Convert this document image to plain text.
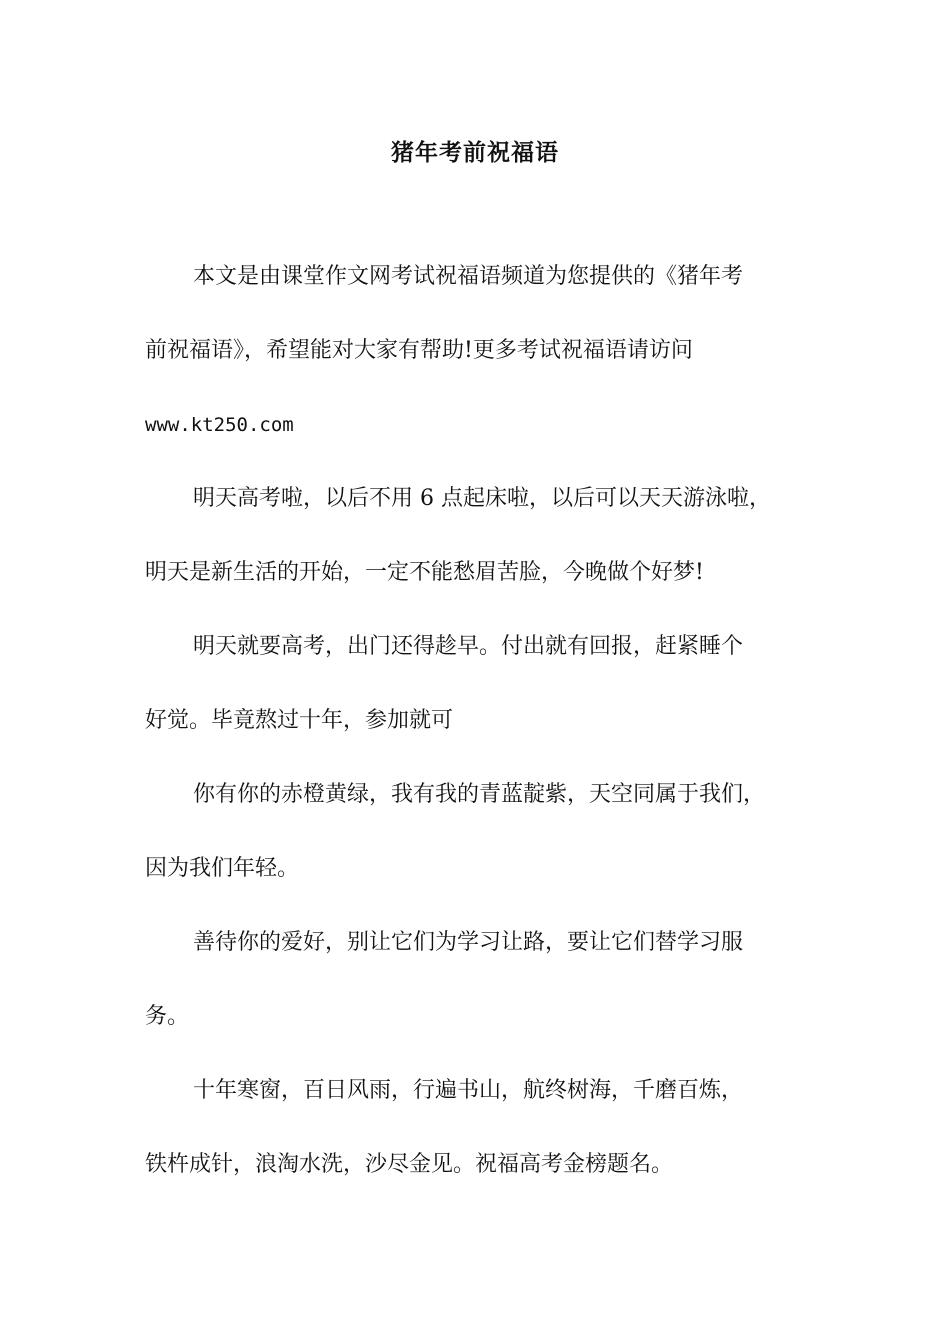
猪年考前祝福语
本文是由课堂作文网考试祝福语频道为您提供的《猪年考
前祝福语》，希望能对大家有帮助!更多考试祝福语请访问
www.kt250.com
明天高考啦，以后不用 6 点起床啦，以后可以天天游泳啦，
明天是新生活的开始，一定不能愁眉苦脸，今晚做个好梦!
明天就要高考，出门还得趁早。付出就有回报，赶紧睡个
好觉。毕竟熬过十年，参加就可
你有你的赤橙黄绿，我有我的青蓝靛紫，天空同属于我们，
因为我们年轻。
善待你的爱好，别让它们为学习让路，要让它们替学习服
务。
十年寒窗，百日风雨，行遍书山，航终树海，千磨百炼，
铁杵成针，浪淘水洗，沙尽金见。祝福高考金榜题名。
